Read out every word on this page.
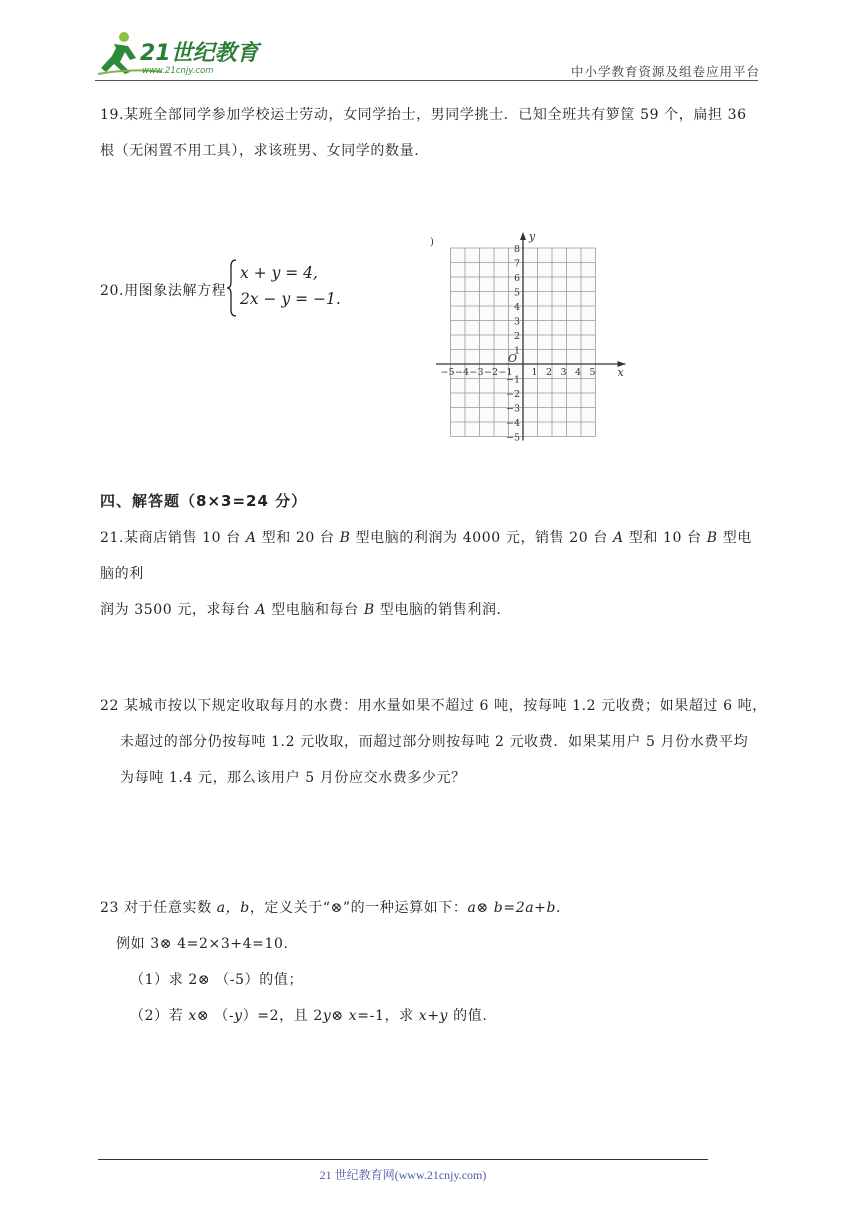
21世纪教育
www.21cnjy.com	中小学教育资源及组卷应用平台
19.某班全部同学参加学校运士劳动，女同学抬士，男同学挑士．已知全班共有箩筐 59 个，扁担 36
根（无闲置不用工具），求该班男、女同学的数量.
20.用图象法解方程
x + y = 4,
2x − y = −1.
−5 −4 −3 −2 −1 1 2 3 4 5
8
7
6
5
4
3
2
1
−1
−2
−3
−4
−5
O
x
y
)
四、解答题（8×3=24 分）
21.某商店销售 10 台 A 型和 20 台 B 型电脑的利润为 4000 元，销售 20 台 A 型和 10 台 B 型电脑的利
润为 3500 元，求每台 A 型电脑和每台 B 型电脑的销售利润.
22 某城市按以下规定收取每月的水费：用水量如果不超过 6 吨，按每吨 1.2 元收费；如果超过 6 吨，
未超过的部分仍按每吨 1.2 元收取，而超过部分则按每吨 2 元收费．如果某用户 5 月份水费平均
为每吨 1.4 元，那么该用户 5 月份应交水费多少元？
23 对于任意实数 a，b，定义关于“⊗”的一种运算如下：a⊗ b=2a+b.
例如 3⊗ 4=2×3+4=10.
（1）求 2⊗ （-5）的值；
（2）若 x⊗ （-y）=2，且 2y⊗ x=-1，求 x+y 的值.
21 世纪教育网(www.21cnjy.com)
